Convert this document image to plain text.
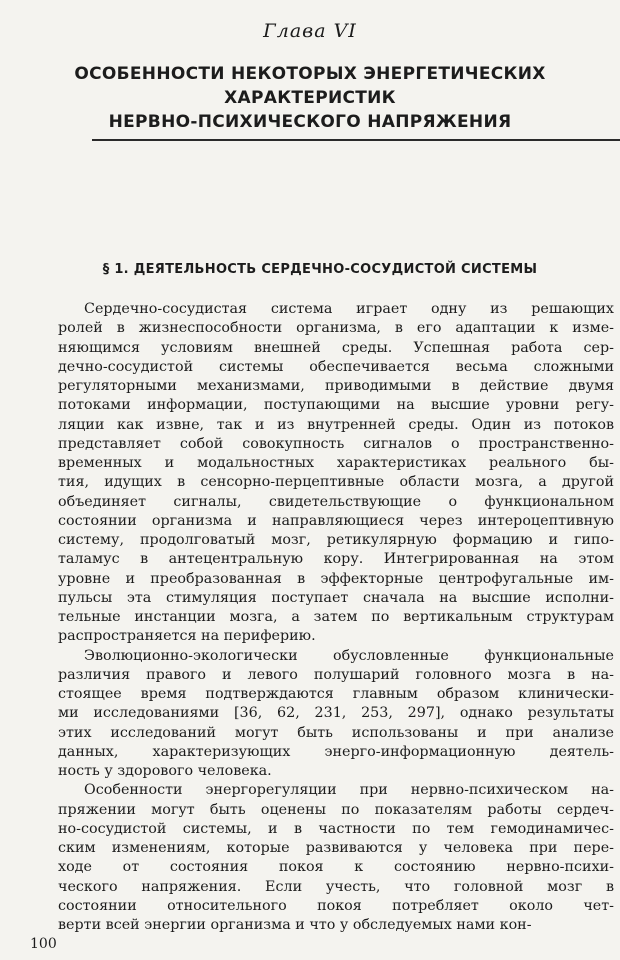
Глава VI
ОСОБЕННОСТИ НЕКОТОРЫХ ЭНЕРГЕТИЧЕСКИХ
ХАРАКТЕРИСТИК
НЕРВНО-ПСИХИЧЕСКОГО НАПРЯЖЕНИЯ
§ 1. ДЕЯТЕЛЬНОСТЬ СЕРДЕЧНО-СОСУДИСТОЙ СИСТЕМЫ
Сердечно-сосудистая система играет одну из решающих
ролей в жизнеспособности организма, в его адаптации к изме-
няющимся условиям внешней среды. Успешная работа сер-
дечно-сосудистой системы обеспечивается весьма сложными
регуляторными механизмами, приводимыми в действие двумя
потоками информации, поступающими на высшие уровни регу-
ляции как извне, так и из внутренней среды. Один из потоков
представляет собой совокупность сигналов о пространственно-
временных и модальностных характеристиках реального бы-
тия, идущих в сенсорно-перцептивные области мозга, а другой
объединяет сигналы, свидетельствующие о функциональном
состоянии организма и направляющиеся через интероцептивную
систему, продолговатый мозг, ретикулярную формацию и гипо-
таламус в антецентральную кору. Интегрированная на этом
уровне и преобразованная в эффекторные центрофугальные им-
пульсы эта стимуляция поступает сначала на высшие исполни-
тельные инстанции мозга, а затем по вертикальным структурам
распространяется на периферию.
Эволюционно-экологически обусловленные функциональные
различия правого и левого полушарий головного мозга в на-
стоящее время подтверждаются главным образом клинически-
ми исследованиями [36, 62, 231, 253, 297], однако результаты
этих исследований могут быть использованы и при анализе
данных, характеризующих энерго-информационную деятель-
ность у здорового человека.
Особенности энергорегуляции при нервно-психическом на-
пряжении могут быть оценены по показателям работы сердеч-
но-сосудистой системы, и в частности по тем гемодинамичес-
ским изменениям, которые развиваются у человека при пере-
ходе от состояния покоя к состоянию нервно-психи-
ческого напряжения. Если учесть, что головной мозг в
состоянии относительного покоя потребляет около чет-
верти всей энергии организма и что у обследуемых нами кон-
100
